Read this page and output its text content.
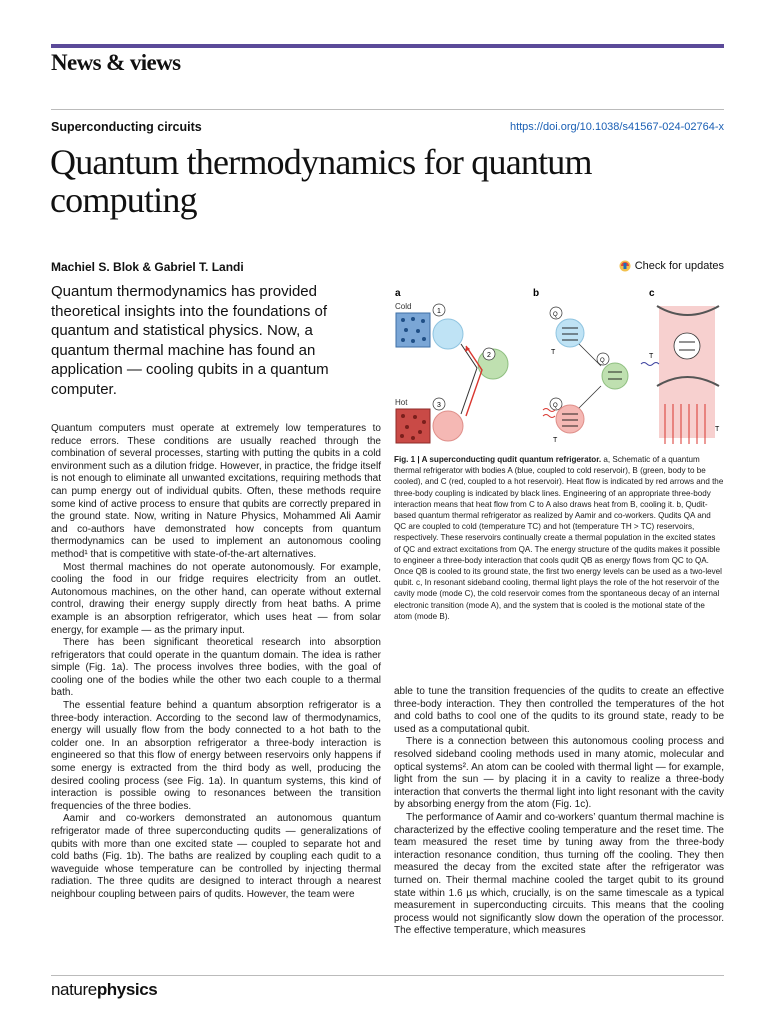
News & views
Superconducting circuits	https://doi.org/10.1038/s41567-024-02764-x
Quantum thermodynamics for quantum computing
Machiel S. Blok & Gabriel T. Landi	Check for updates
Quantum thermodynamics has provided theoretical insights into the foundations of quantum and statistical physics. Now, a quantum thermal machine has found an application — cooling qubits in a quantum computer.
a
Cold
1
2
Hot	3
b
Q
T
Q
Q
T
c
T
T
Fig. 1 | A superconducting qudit quantum refrigerator. a, Schematic of a quantum thermal refrigerator with bodies A (blue, coupled to cold reservoir), B (green, body to be cooled), and C (red, coupled to a hot reservoir). Heat flow is indicated by red arrows and the three-body coupling is indicated by black lines. Engineering of an appropriate three-body interaction means that heat flow from C to A also draws heat from B, cooling it. b, Qudit-based quantum thermal refrigerator as realized by Aamir and co-workers. Qudits QA and QC are coupled to cold (temperature TC) and hot (temperature TH > TC) reservoirs, respectively. These reservoirs continually create a thermal population in the excited states of QC and extract excitations from QA. The energy structure of the qudits makes it possible to engineer a three-body interaction that cools qudit QB as energy flows from QC to QA. Once QB is cooled to its ground state, the first two energy levels can be used as a two-level qubit. c, In resonant sideband cooling, thermal light plays the role of the hot reservoir of the cavity mode (mode C), the cold reservoir comes from the spontaneous decay of an internal electronic transition (mode A), and the system that is cooled is the motional state of the atom (mode B).

Quantum computers must operate at extremely low temperatures to reduce errors. These conditions are usually reached through the combination of several processes, starting with putting the qubits in a cold environment such as a dilution fridge. However, in practice, the fridge itself is not enough to eliminate all unwanted excitations, requiring methods that can pump energy out of individual qubits. Often, these methods require some kind of active process to ensure that qubits are correctly prepared in the ground state. Now, writing in Nature Physics, Mohammed Ali Aamir and co-authors have demonstrated how concepts from quantum thermodynamics can be used to implement an autonomous cooling method¹ that is competitive with state-of-the-art alternatives.

Most thermal machines do not operate autonomously. For example, cooling the food in our fridge requires electricity from an outlet. Autonomous machines, on the other hand, can operate without external control, drawing their energy supply directly from heat baths. A prime example is an absorption refrigerator, which uses heat — from solar energy, for example — as the primary input.

There has been significant theoretical research into absorption refrigerators that could operate in the quantum domain. The idea is rather simple (Fig. 1a). The process involves three bodies, with the goal of cooling one of the bodies while the other two each couple to a thermal bath.

The essential feature behind a quantum absorption refrigerator is a three-body interaction. According to the second law of thermodynamics, energy will usually flow from the body connected to a hot bath to the colder one. In an absorption refrigerator a three-body interaction is engineered so that this flow of energy between reservoirs only happens if some energy is extracted from the third body as well, producing the desired cooling process (see Fig. 1a). In quantum systems, this kind of interaction is possible owing to resonances between the transition frequencies of the three bodies.

Aamir and co-workers demonstrated an autonomous quantum refrigerator made of three superconducting qudits — generalizations of qubits with more than one excited state — coupled to separate hot and cold baths (Fig. 1b). The baths are realized by coupling each qudit to a waveguide whose temperature can be controlled by injecting thermal radiation. The three qudits are designed to interact through a nearest neighbour coupling between pairs of qudits. However, the team were

able to tune the transition frequencies of the qudits to create an effective three-body interaction. They then controlled the temperatures of the hot and cold baths to cool one of the qudits to its ground state, ready to be used as a computational qubit.

There is a connection between this autonomous cooling process and resolved sideband cooling methods used in many atomic, molecular and optical systems². An atom can be cooled with thermal light — for example, light from the sun — by placing it in a cavity to realize a three-body interaction that converts the thermal light into light resonant with the cavity by absorbing energy from the atom (Fig. 1c).

The performance of Aamir and co-workers’ quantum thermal machine is characterized by the effective cooling temperature and the reset time. The team measured the reset time by tuning away from the three-body interaction resonance condition, thus turning off the cooling. They then measured the decay from the excited state after the refrigerator was turned on. Their thermal machine cooled the target qubit to its ground state within 1.6 µs which, crucially, is on the same timescale as a typical measurement in superconducting circuits. This means that the cooling process would not significantly slow down the operation of the processor. The effective temperature, which measures

naturephysics
